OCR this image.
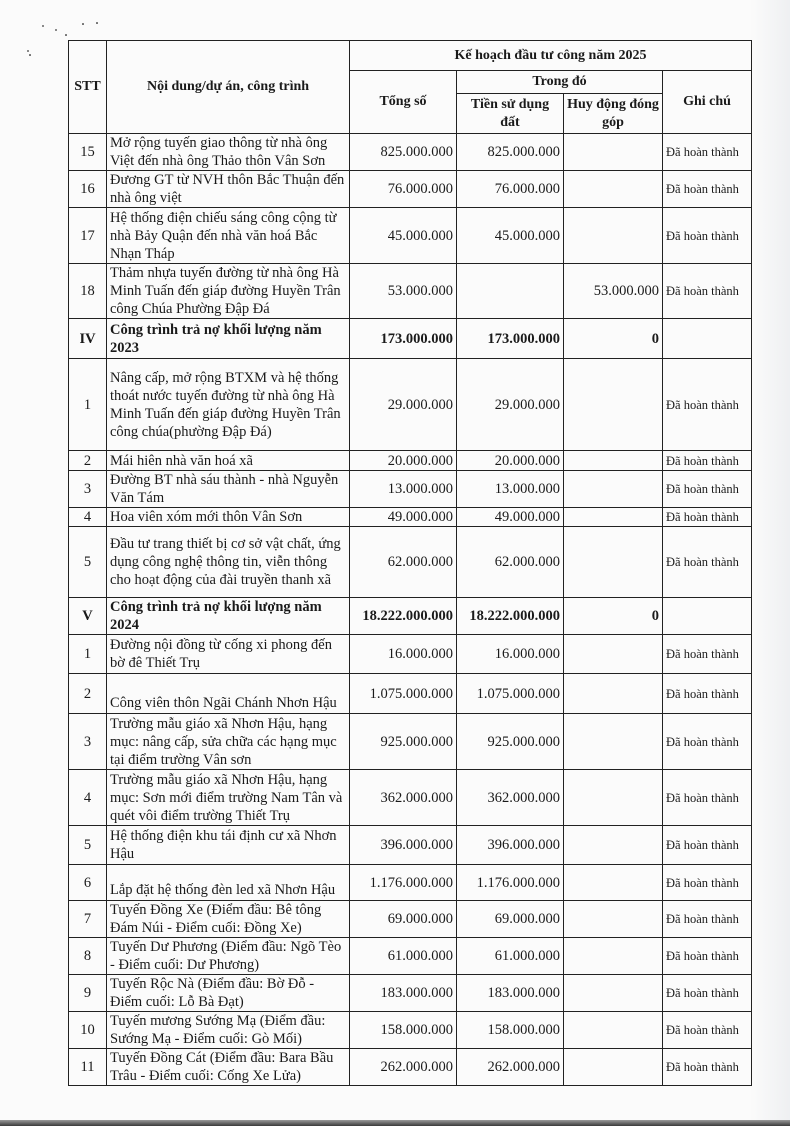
STT	Nội dung/dự án, công trình	Kế hoạch đầu tư công năm 2025			
		Tổng số	Trong đó		Ghi chú
			Tiền sử dụng đất	Huy động đóng góp	
15	Mở rộng tuyến giao thông từ nhà ông Việt đến nhà ông Thảo thôn Vân Sơn	825.000.000	825.000.000		Đã hoàn thành
16	Đương GT từ NVH thôn Bắc Thuận đến nhà ông việt	76.000.000	76.000.000		Đã hoàn thành
17	Hệ thống điện chiếu sáng công cộng từ nhà Bảy Quận đến nhà văn hoá Bắc Nhạn Tháp	45.000.000	45.000.000		Đã hoàn thành
18	Thảm nhựa tuyến đường từ nhà ông Hà Minh Tuấn đến giáp đường Huyền Trân công Chúa Phường Đập Đá	53.000.000		53.000.000	Đã hoàn thành
IV	Công trình trả nợ khối lượng năm 2023	173.000.000	173.000.000	0	
1	Nâng cấp, mở rộng BTXM và hệ thống thoát nước tuyến đường từ nhà ông Hà Minh Tuấn đến giáp đường Huyền Trân công chúa(phường Đập Đá)	29.000.000	29.000.000		Đã hoàn thành
2	Mái hiên nhà văn hoá xã	20.000.000	20.000.000		Đã hoàn thành
3	Đường BT nhà sáu thành - nhà Nguyễn Văn Tám	13.000.000	13.000.000		Đã hoàn thành
4	Hoa viên xóm mới thôn Vân Sơn	49.000.000	49.000.000		Đã hoàn thành
5	Đầu tư trang thiết bị cơ sở vật chất, ứng dụng công nghệ thông tin, viễn thông cho hoạt động của đài truyền thanh xã	62.000.000	62.000.000		Đã hoàn thành
V	Công trình trả nợ khối lượng năm 2024	18.222.000.000	18.222.000.000	0	
1	Đường nội đồng từ cống xi phong đến bờ đê Thiết Trụ	16.000.000	16.000.000		Đã hoàn thành
2	Công viên thôn Ngãi Chánh Nhơn Hậu	1.075.000.000	1.075.000.000		Đã hoàn thành
3	Trường mẫu giáo xã Nhơn Hậu, hạng mục: nâng cấp, sửa chữa các hạng mục tại điểm trường Vân sơn	925.000.000	925.000.000		Đã hoàn thành
4	Trường mẫu giáo xã Nhơn Hậu, hạng mục: Sơn mới điểm trường Nam Tân và quét vôi điểm trường Thiết Trụ	362.000.000	362.000.000		Đã hoàn thành
5	Hệ thống điện khu tái định cư xã Nhơn Hậu	396.000.000	396.000.000		Đã hoàn thành
6	Lắp đặt hệ thống đèn led xã Nhơn Hậu	1.176.000.000	1.176.000.000		Đã hoàn thành
7	Tuyến Đồng Xe (Điểm đầu: Bê tông Đám Núi - Điểm cuối: Đồng Xe)	69.000.000	69.000.000		Đã hoàn thành
8	Tuyến Dư Phương (Điểm đầu: Ngõ Tèo - Điểm cuối: Dư Phương)	61.000.000	61.000.000		Đã hoàn thành
9	Tuyến Rộc Nà (Điểm đầu: Bờ Đỗ - Điểm cuối: Lỗ Bà Đạt)	183.000.000	183.000.000		Đã hoàn thành
10	Tuyến mương Sướng Mạ (Điểm đầu: Sướng Mạ - Điểm cuối: Gò Mối)	158.000.000	158.000.000		Đã hoàn thành
11	Tuyến Đồng Cát (Điểm đầu: Bara Bầu Trâu - Điểm cuối: Cống Xe Lửa)	262.000.000	262.000.000		Đã hoàn thành
